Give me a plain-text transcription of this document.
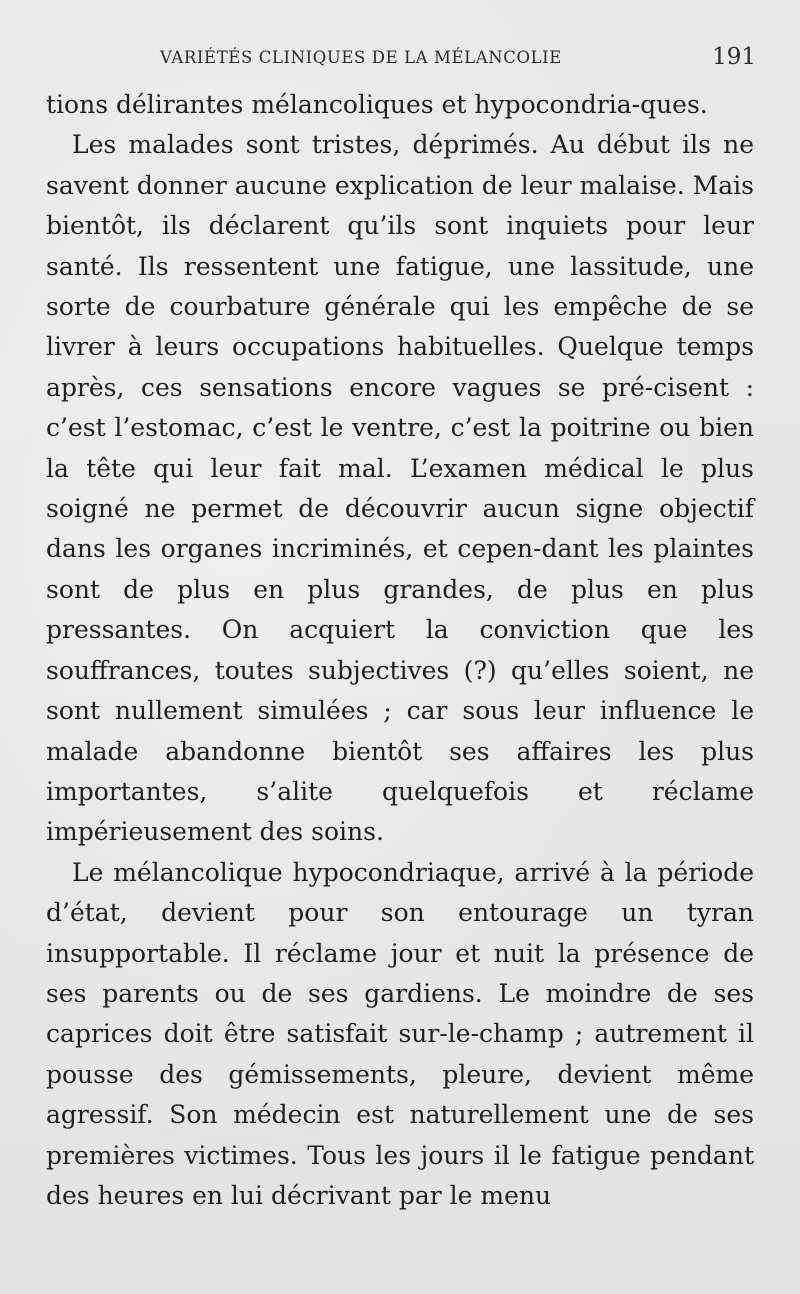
VARIÉTÉS CLINIQUES DE LA MÉLANCOLIE	191

tions délirantes mélancoliques et hypocondria-ques.

Les malades sont tristes, déprimés. Au début ils ne savent donner aucune explication de leur malaise. Mais bientôt, ils déclarent qu’ils sont inquiets pour leur santé. Ils ressentent une fatigue, une lassitude, une sorte de courbature générale qui les empêche de se livrer à leurs occupations habituelles. Quelque temps après, ces sensations encore vagues se pré-cisent : c’est l’estomac, c’est le ventre, c’est la poitrine ou bien la tête qui leur fait mal. L’examen médical le plus soigné ne permet de découvrir aucun signe objectif dans les organes incriminés, et cepen-dant les plaintes sont de plus en plus grandes, de plus en plus pressantes. On acquiert la conviction que les souffrances, toutes subjectives (?) qu’elles soient, ne sont nullement simulées ; car sous leur influence le malade abandonne bientôt ses affaires les plus importantes, s’alite quelquefois et réclame impérieusement des soins.

Le mélancolique hypocondriaque, arrivé à la période d’état, devient pour son entourage un tyran insupportable. Il réclame jour et nuit la présence de ses parents ou de ses gardiens. Le moindre de ses caprices doit être satisfait sur-le-champ ; autrement il pousse des gémissements, pleure, devient même agressif. Son médecin est naturellement une de ses premières victimes. Tous les jours il le fatigue pendant des heures en lui décrivant par le menu
